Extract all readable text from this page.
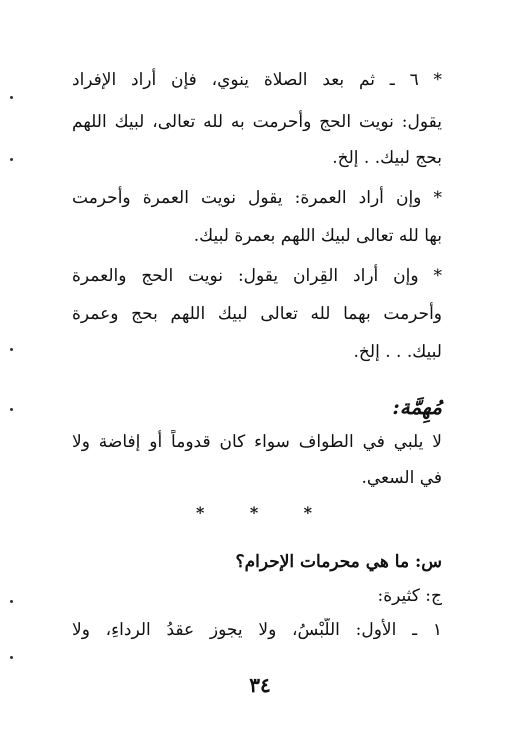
* ٦ ـ ثم بعد الصلاة ينوي، فإن أراد الإفراد
يقول: نويت الحج وأحرمت به لله تعالى، لبيك اللهم
بحج لبيك. . إلخ.
* وإن أراد العمرة: يقول نويت العمرة وأحرمت
بها لله تعالى لبيك اللهم بعمرة لبيك.
* وإن أراد القِران يقول: نويت الحج والعمرة
وأحرمت بهما لله تعالى لبيك اللهم بحج وعمرة
لبيك. . . إلخ.
مُهِمَّة:
لا يلبي في الطواف سواء كان قدوماً أو إفاضة ولا
في السعي.
*	*	*
س: ما هي محرمات الإحرام؟
ج: كثيرة:
١ ـ الأول: اللُّبْسُ، ولا يجوز عقدُ الرداءِ، ولا
٣٤
